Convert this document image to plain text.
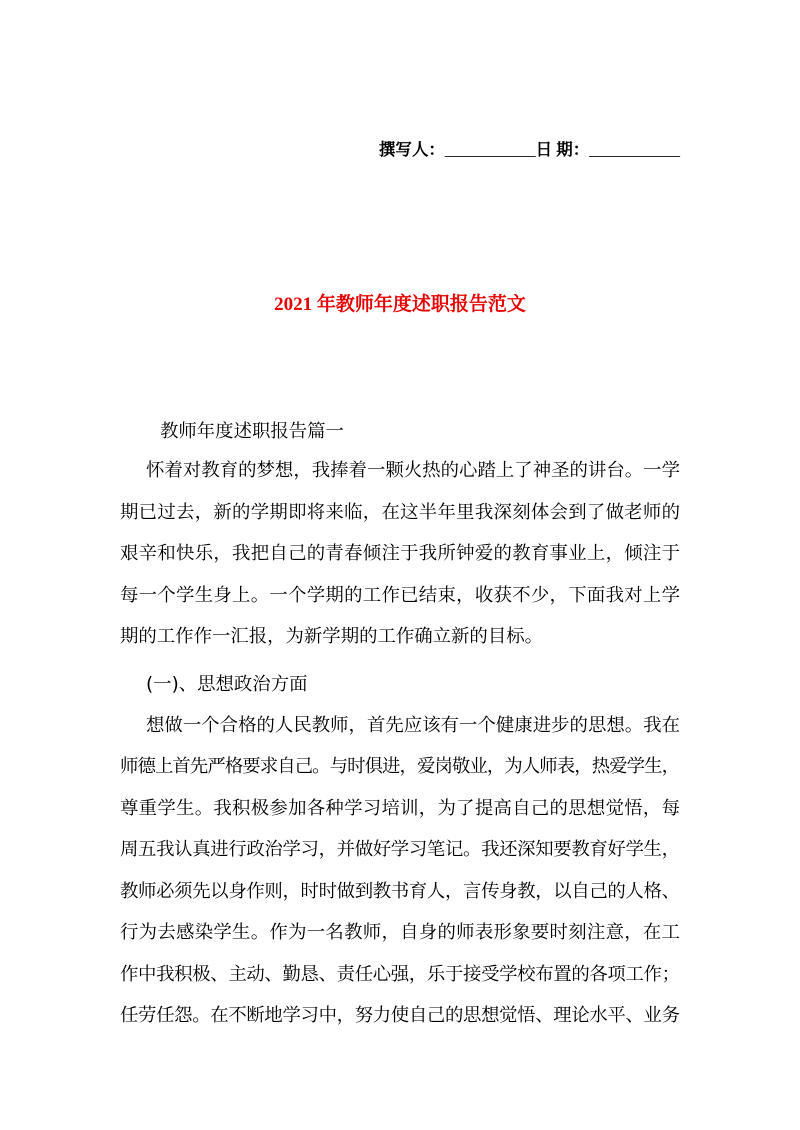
撰写人：___________日 期：___________
2021 年教师年度述职报告范文
教师年度述职报告篇一
怀着对教育的梦想，我捧着一颗火热的心踏上了神圣的讲台。一学
期已过去，新的学期即将来临，在这半年里我深刻体会到了做老师的
艰辛和快乐，我把自己的青春倾注于我所钟爱的教育事业上，倾注于
每一个学生身上。一个学期的工作已结束，收获不少，下面我对上学
期的工作作一汇报，为新学期的工作确立新的目标。
(一)、思想政治方面
想做一个合格的人民教师，首先应该有一个健康进步的思想。我在
师德上首先严格要求自己。与时俱进，爱岗敬业，为人师表，热爱学生，
尊重学生。我积极参加各种学习培训，为了提高自己的思想觉悟，每
周五我认真进行政治学习，并做好学习笔记。我还深知要教育好学生，
教师必须先以身作则，时时做到教书育人，言传身教，以自己的人格、
行为去感染学生。作为一名教师，自身的师表形象要时刻注意，在工
作中我积极、主动、勤恳、责任心强，乐于接受学校布置的各项工作；
任劳任怨。在不断地学习中，努力使自己的思想觉悟、理论水平、业务
